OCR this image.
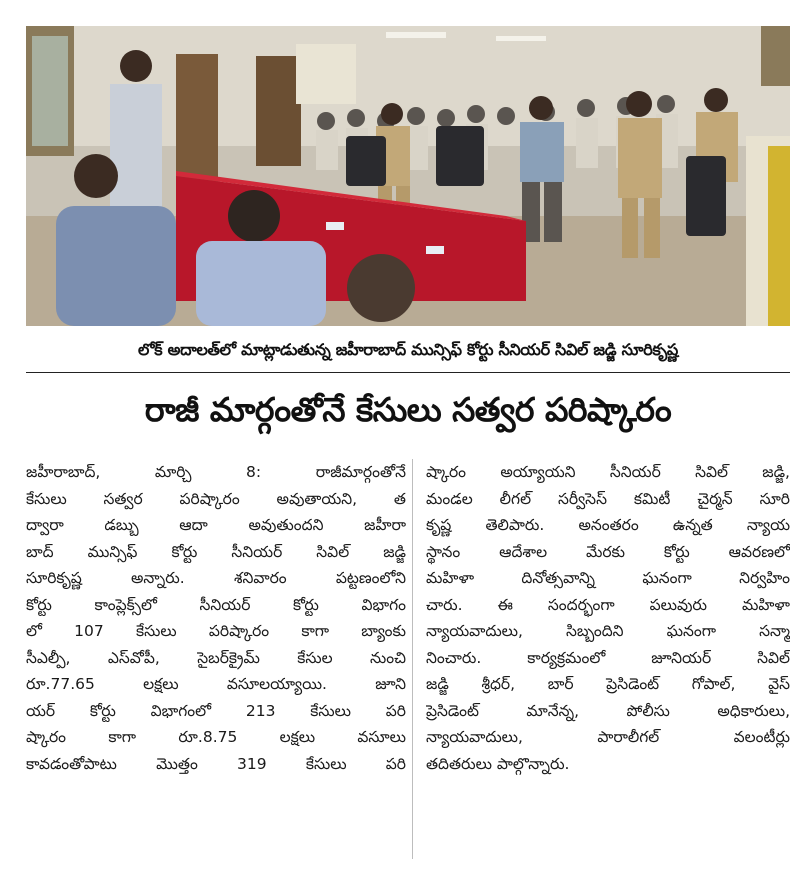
లోక్ అదాలత్‌లో మాట్లాడుతున్న జహీరాబాద్ మున్సిఫ్ కోర్టు సీనియర్ సివిల్ జడ్జి సూరికృష్ణ
రాజీ మార్గంతోనే కేసులు సత్వర పరిష్కారం
జహీరాబాద్, మార్చి 8: రాజీమార్గంతోనే
కేసులు సత్వర పరిష్కారం అవుతాయని, త
ద్వారా డబ్బు ఆదా అవుతుందని జహీరా
బాద్ మున్సిఫ్ కోర్టు సీనియర్ సివిల్ జడ్జి
సూరికృష్ణ అన్నారు. శనివారం పట్టణంలోని
కోర్టు కాంప్లెక్స్‌లో సీనియర్ కోర్టు విభాగం
లో 107 కేసులు పరిష్కారం కాగా బ్యాంకు
సీఎల్పీ, ఎస్‌వోపీ, సైబర్‌క్రైమ్ కేసుల నుంచి
రూ.77.65 లక్షలు వసూలయ్యాయి. జూని
యర్ కోర్టు విభాగంలో 213 కేసులు పరి
ష్కారం కాగా రూ.8.75 లక్షలు వసూలు
కావడంతోపాటు మొత్తం 319 కేసులు పరి
ష్కారం అయ్యాయని సీనియర్ సివిల్ జడ్జి,
మండల లీగల్ సర్వీసెస్ కమిటీ చైర్మన్ సూరి
కృష్ణ తెలిపారు. అనంతరం ఉన్నత న్యాయ
స్థానం ఆదేశాల మేరకు కోర్టు ఆవరణలో
మహిళా దినోత్సవాన్ని ఘనంగా నిర్వహిం
చారు. ఈ సందర్భంగా పలువురు మహిళా
న్యాయవాదులు, సిబ్బందిని ఘనంగా సన్మా
నించారు. కార్యక్రమంలో జూనియర్ సివిల్
జడ్జి శ్రీధర్, బార్ ప్రెసిడెంట్ గోపాల్, వైస్
ప్రెసిడెంట్ మానేన్న, పోలీసు అధికారులు,
న్యాయవాదులు, పారాలీగల్ వలంటీర్లు
తదితరులు పాల్గొన్నారు.
